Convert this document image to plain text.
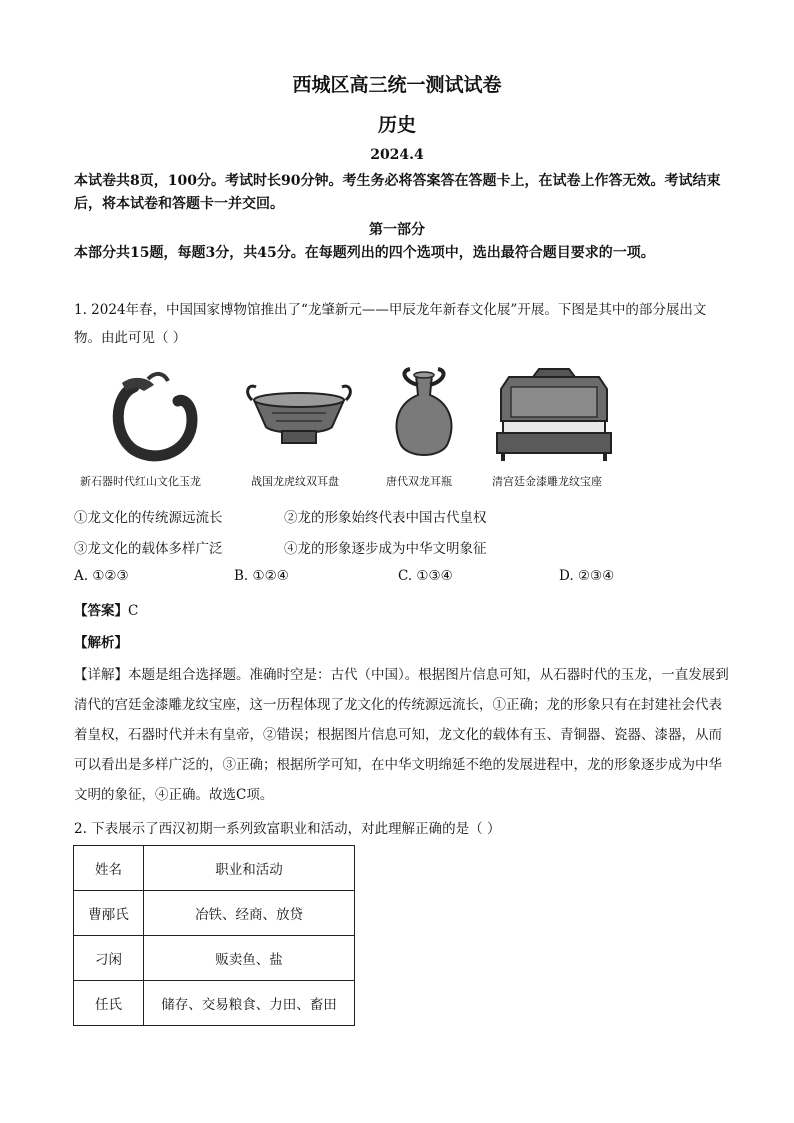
西城区高三统一测试试卷
历史
2024.4
本试卷共8页，100分。考试时长90分钟。考生务必将答案答在答题卡上，在试卷上作答无效。考试结束后，将本试卷和答题卡一并交回。
第一部分
本部分共15题，每题3分，共45分。在每题列出的四个选项中，选出最符合题目要求的一项。
1. 2024年春，中国国家博物馆推出了“龙肇新元——甲辰龙年新春文化展”开展。下图是其中的部分展出文物。由此可见（ ）
新石器时代红山文化玉龙	战国龙虎纹双耳盘	唐代双龙耳瓶	清宫廷金漆雕龙纹宝座
①龙文化的传统源远流长	②龙的形象始终代表中国古代皇权
③龙文化的载体多样广泛	④龙的形象逐步成为中华文明象征
A. ①②③	B. ①②④	C. ①③④	D. ②③④
【答案】C
【解析】
【详解】本题是组合选择题。准确时空是：古代（中国）。根据图片信息可知，从石器时代的玉龙，一直发展到清代的宫廷金漆雕龙纹宝座，这一历程体现了龙文化的传统源远流长，①正确；龙的形象只有在封建社会代表着皇权，石器时代并未有皇帝，②错误；根据图片信息可知，龙文化的载体有玉、青铜器、瓷器、漆器，从而可以看出是多样广泛的，③正确；根据所学可知，在中华文明绵延不绝的发展进程中，龙的形象逐步成为中华文明的象征，④正确。故选C项。
2. 下表展示了西汉初期一系列致富职业和活动，对此理解正确的是（ ）
姓名	职业和活动
曹邴氏	冶铁、经商、放贷
刁闲	贩卖鱼、盐
任氏	储存、交易粮食、力田、畜田
